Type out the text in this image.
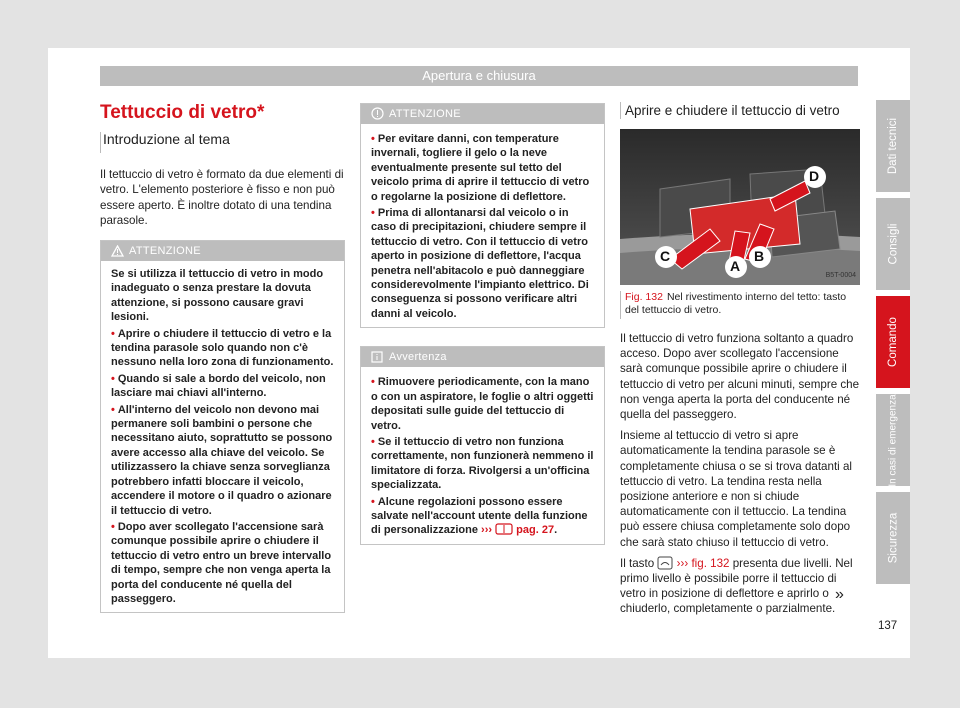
Apertura e chiusura
Tettuccio di vetro*
Introduzione al tema

Il tettuccio di vetro è formato da due elementi di vetro. L'elemento posteriore è fisso e non può essere aperto. È inoltre dotato di una tendina parasole.

ATTENZIONE
Se si utilizza il tettuccio di vetro in modo inadeguato o senza prestare la dovuta attenzione, si possono causare gravi lesioni.
• Aprire o chiudere il tettuccio di vetro e la tendina parasole solo quando non c'è nessuno nella loro zona di funzionamento.
• Quando si sale a bordo del veicolo, non lasciare mai chiavi all'interno.
• All'interno del veicolo non devono mai permanere soli bambini o persone che necessitano aiuto, soprattutto se possono avere accesso alla chiave del veicolo. Se utilizzassero la chiave senza sorveglianza potrebbero infatti bloccare il veicolo, accendere il motore o il quadro o azionare il tettuccio di vetro.
• Dopo aver scollegato l'accensione sarà comunque possibile aprire o chiudere il tettuccio di vetro entro un breve intervallo di tempo, sempre che non venga aperta la porta del conducente né quella del passeggero.
ATTENZIONE
• Per evitare danni, con temperature invernali, togliere il gelo o la neve eventualmente presente sul tetto del veicolo prima di aprire il tettuccio di vetro o regolarne la posizione di deflettore.
• Prima di allontanarsi dal veicolo o in caso di precipitazioni, chiudere sempre il tettuccio di vetro. Con il tettuccio di vetro aperto in posizione di deflettore, l'acqua penetra nell'abitacolo e può danneggiare considerevolmente l'impianto elettrico. Di conseguenza si possono verificare altri danni al veicolo.
Avvertenza
• Rimuovere periodicamente, con la mano o con un aspiratore, le foglie o altri oggetti depositati sulle guide del tettuccio di vetro.
• Se il tettuccio di vetro non funziona correttamente, non funzionerà nemmeno il limitatore di forza. Rivolgersi a un'officina specializzata.
• Alcune regolazioni possono essere salvate nell'account utente della funzione di personalizzazione ››› pag. 27.
Aprire e chiudere il tettuccio di vetro
D
C
A
B
B5T-0004
Fig. 132 Nel rivestimento interno del tetto: tasto del tettuccio di vetro.

Il tettuccio di vetro funziona soltanto a quadro acceso. Dopo aver scollegato l'accensione sarà comunque possibile aprire o chiudere il tettuccio di vetro per alcuni minuti, sempre che non venga aperta la porta del conducente né quella del passeggero.

Insieme al tettuccio di vetro si apre automaticamente la tendina parasole se è completamente chiusa o se si trova datanti al tettuccio di vetro. La tendina resta nella posizione anteriore e non si chiude automaticamente con il tettuccio. La tendina può essere chiusa completamente solo dopo che sarà stato chiuso il tettuccio di vetro.

Il tasto ››› fig. 132 presenta due livelli. Nel primo livello è possibile porre il tettuccio di vetro in posizione di deflettore e aprirlo o chiuderlo, completamente o parzialmente.

»
Dati tecnici
Consigli
Comando
In casi di emergenza
Sicurezza
137
